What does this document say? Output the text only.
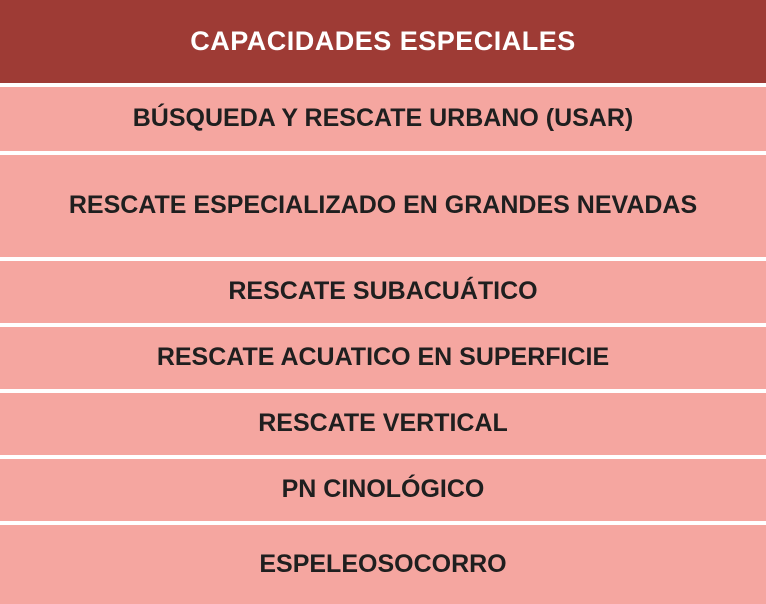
CAPACIDADES ESPECIALES
BÚSQUEDA Y RESCATE URBANO (USAR)
RESCATE ESPECIALIZADO EN GRANDES NEVADAS
RESCATE SUBACUÁTICO
RESCATE ACUATICO EN SUPERFICIE
RESCATE VERTICAL
PN CINOLÓGICO
ESPELEOSOCORRO
